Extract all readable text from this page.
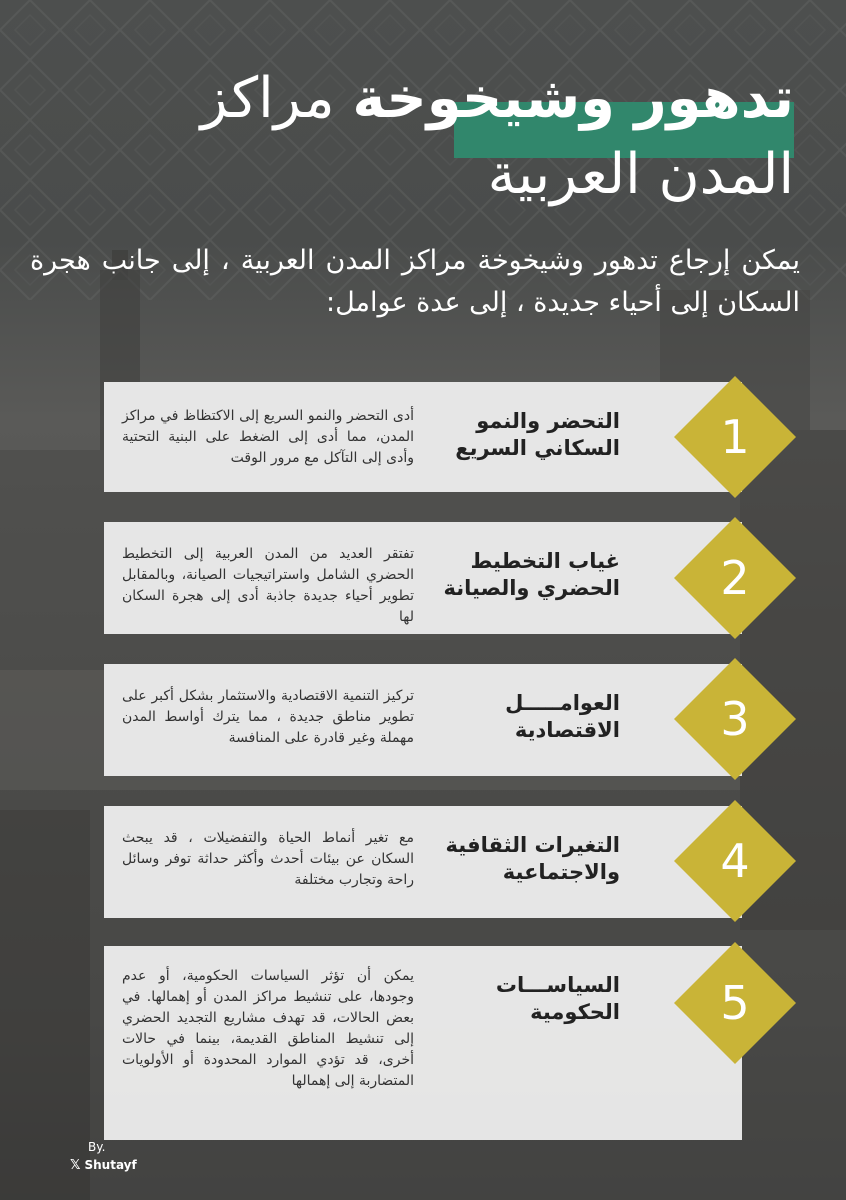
تدهور وشيخوخة مراكز
المدن العربية
يمكن إرجاع تدهور وشيخوخة مراكز المدن العربية ، إلى جانب هجرة السكان إلى أحياء جديدة ، إلى عدة عوامل:
التحضر والنمو السكاني السريع
أدى التحضر والنمو السريع إلى الاكتظاظ في مراكز المدن، مما أدى إلى الضغط على البنية التحتية وأدى إلى التآكل مع مرور الوقت	1
غياب التخطيط الحضري والصيانة
تفتقر العديد من المدن العربية إلى التخطيط الحضري الشامل واستراتيجيات الصيانة، وبالمقابل تطوير أحياء جديدة جاذبة أدى إلى هجرة السكان لها
2
العوامـــــل الاقتصادية
تركيز التنمية الاقتصادية والاستثمار بشكل أكبر على تطوير مناطق جديدة ، مما يترك أواسط المدن مهملة وغير قادرة على المنافسة	3
التغيرات الثقافية والاجتماعية
مع تغير أنماط الحياة والتفضيلات ، قد يبحث السكان عن بيئات أحدث وأكثر حداثة توفر وسائل راحة وتجارب مختلفة	4
السياســـات الحكومية
يمكن أن تؤثر السياسات الحكومية، أو عدم وجودها، على تنشيط مراكز المدن أو إهمالها. في بعض الحالات، قد تهدف مشاريع التجديد الحضري إلى تنشيط المناطق القديمة، بينما في حالات أخرى، قد تؤدي الموارد المحدودة أو الأولويات المتضاربة إلى إهمالها
5
By.
𝕏 Shutayf
